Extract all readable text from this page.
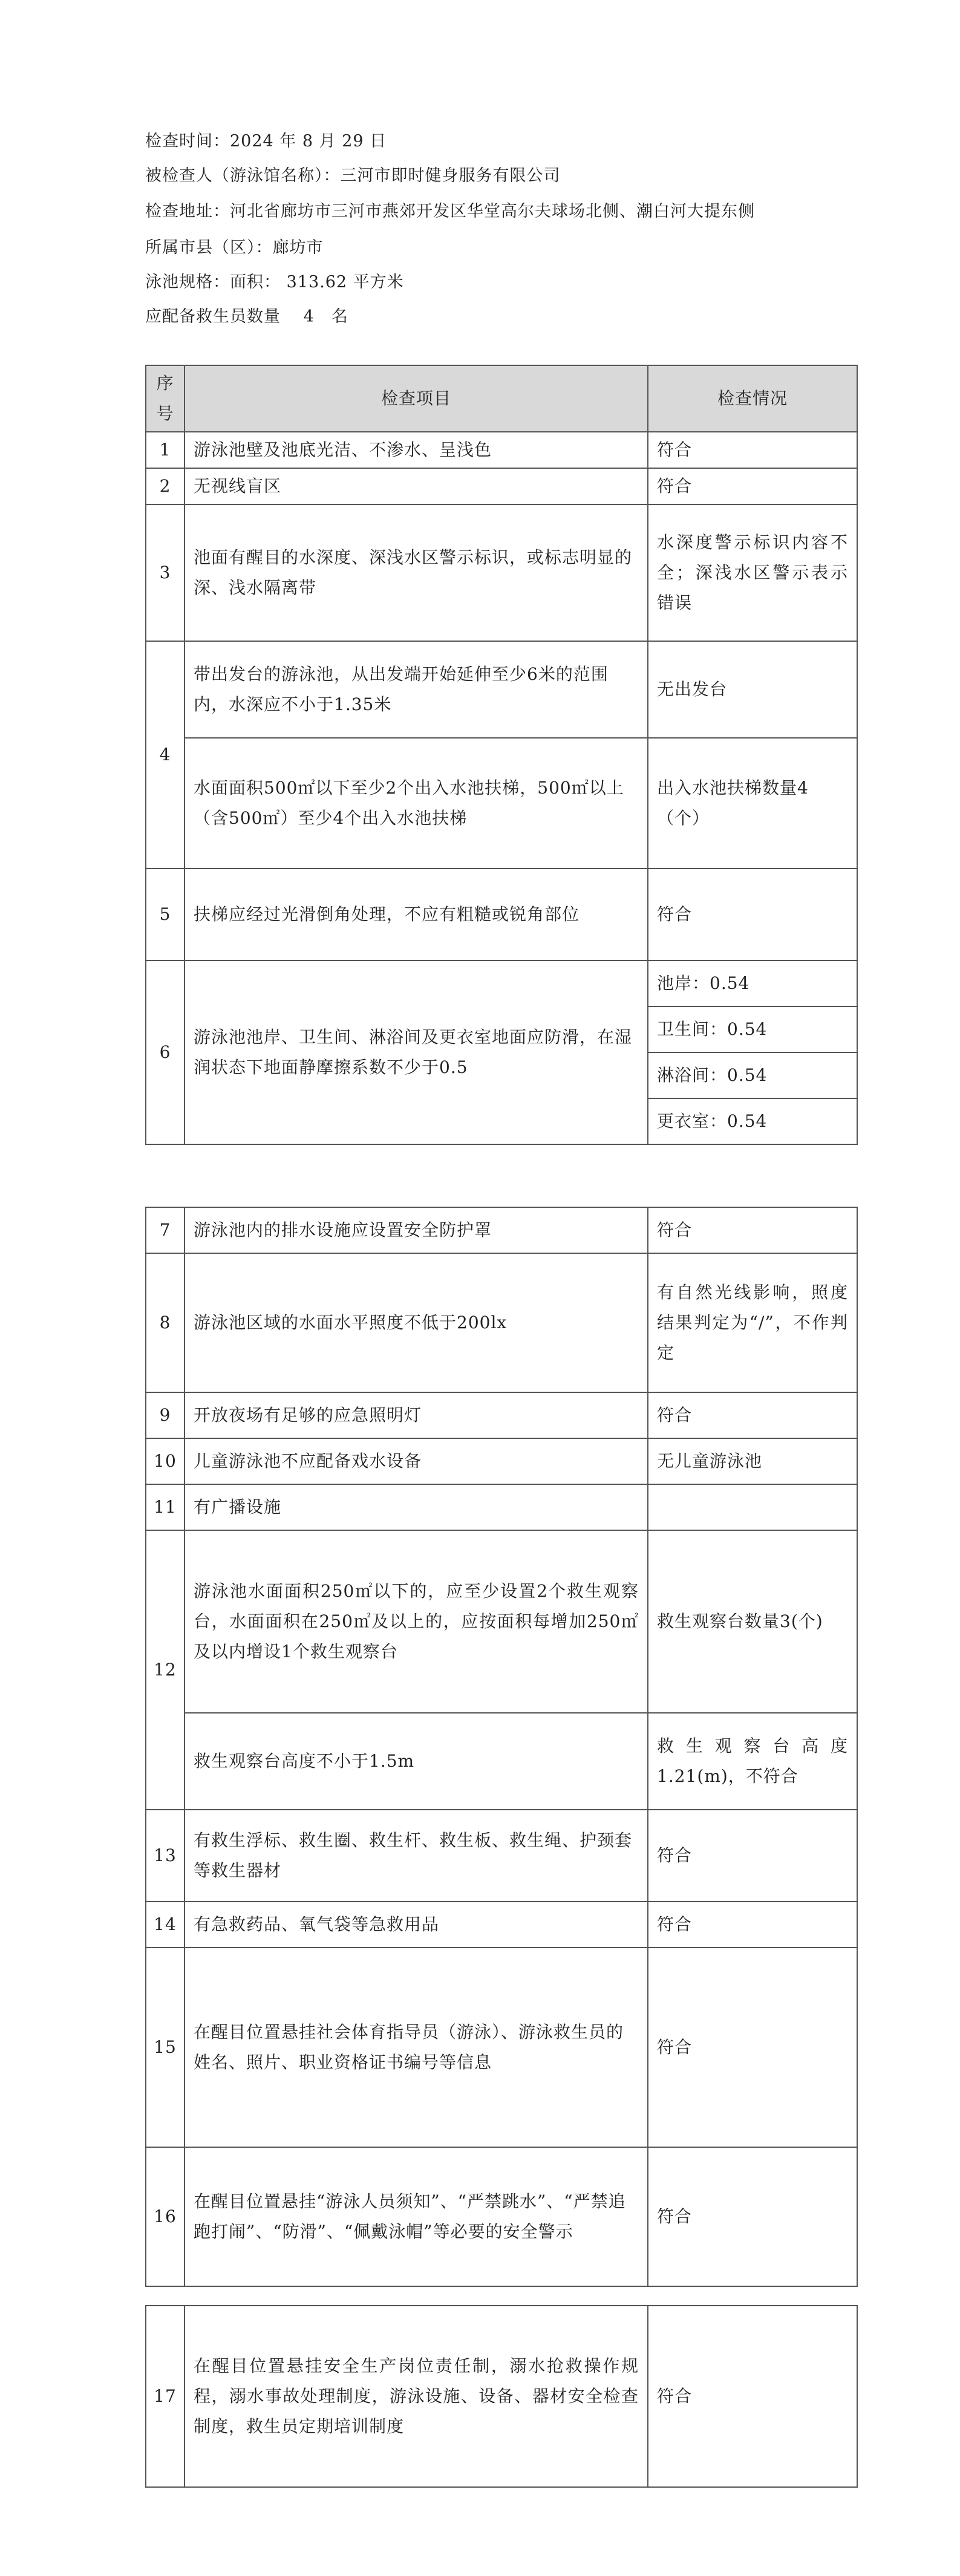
检查时间：2024 年 8 月 29 日

被检查人（游泳馆名称）：三河市即时健身服务有限公司

检查地址：河北省廊坊市三河市燕郊开发区华堂高尔夫球场北侧、潮白河大提东侧

所属市县（区）：廊坊市

泳池规格：面积： 313.62 平方米

应配备救生员数量　 4　名

序号	检查项目	检查情况
1	游泳池壁及池底光洁、不渗水、呈浅色	符合
2	无视线盲区	符合
3	池面有醒目的水深度、深浅水区警示标识，或标志明显的深、浅水隔离带	水深度警示标识内容不全；深浅水区警示表示错误
4	带出发台的游泳池，从出发端开始延伸至少6米的范围内，水深应不小于1.35米	无出发台
	水面面积500㎡以下至少2个出入水池扶梯，500㎡以上（含500㎡）至少4个出入水池扶梯	出入水池扶梯数量4（个）
5	扶梯应经过光滑倒角处理，不应有粗糙或锐角部位	符合
6	游泳池池岸、卫生间、淋浴间及更衣室地面应防滑，在湿润状态下地面静摩擦系数不少于0.5	池岸：0.54
		卫生间：0.54
		淋浴间：0.54
		更衣室：0.54
7	游泳池内的排水设施应设置安全防护罩	符合
8	游泳池区域的水面水平照度不低于200lx	有自然光线影响，照度结果判定为“/”，不作判定
9	开放夜场有足够的应急照明灯	符合
10	儿童游泳池不应配备戏水设备	无儿童游泳池
11	有广播设施	
12	游泳池水面面积250㎡以下的，应至少设置2个救生观察台，水面面积在250㎡及以上的，应按面积每增加250㎡及以内增设1个救生观察台	救生观察台数量3(个)
	救生观察台高度不小于1.5m	救生观察台高度1.21(m)，不符合
13	有救生浮标、救生圈、救生杆、救生板、救生绳、护颈套等救生器材	符合
14	有急救药品、氧气袋等急救用品	符合
15	在醒目位置悬挂社会体育指导员（游泳）、游泳救生员的姓名、照片、职业资格证书编号等信息	符合
16	在醒目位置悬挂“游泳人员须知”、“严禁跳水”、“严禁追跑打闹”、“防滑”、“佩戴泳帽”等必要的安全警示	符合
17	在醒目位置悬挂安全生产岗位责任制，溺水抢救操作规程，溺水事故处理制度，游泳设施、设备、器材安全检查制度，救生员定期培训制度	符合
